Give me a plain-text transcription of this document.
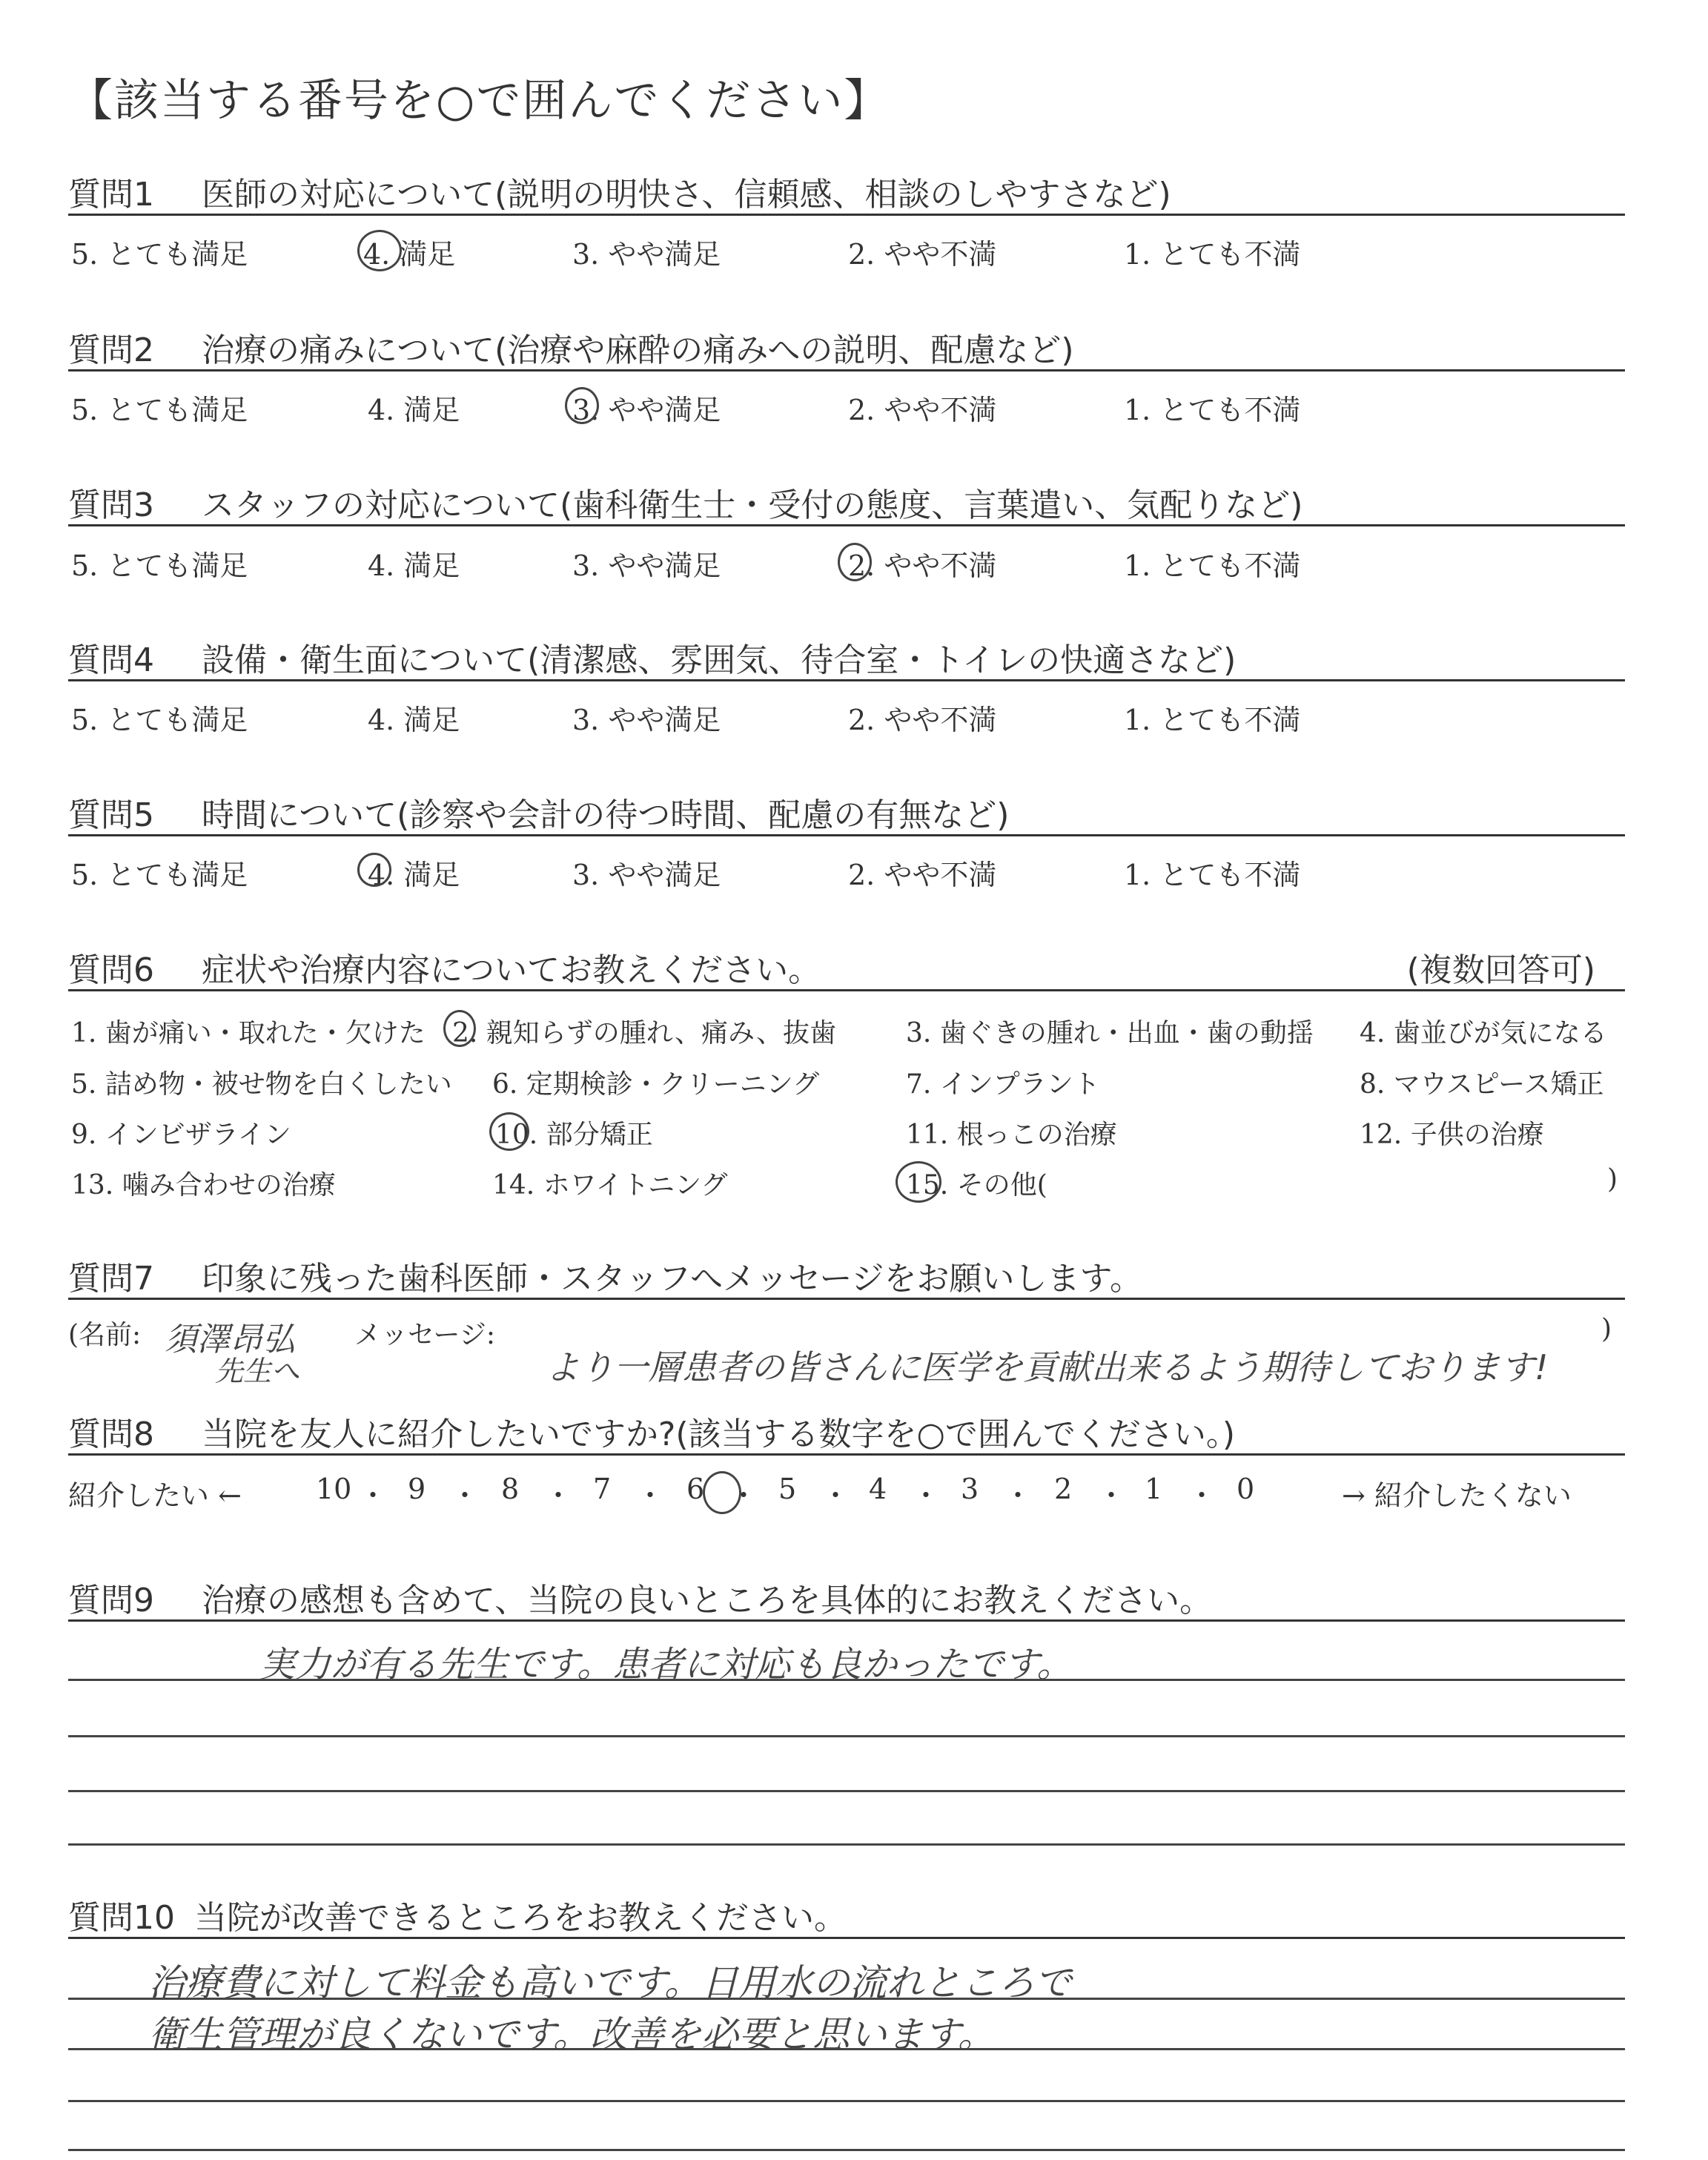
【該当する番号を○で囲んでください】
質問1 医師の対応について(説明の明快さ、信頼感、相談のしやすさなど)
5. とても満足	4. 満足	3. やや満足	2. やや不満	1. とても不満
質問2 治療の痛みについて(治療や麻酔の痛みへの説明、配慮など)
5. とても満足	4. 満足	3. やや満足	2. やや不満	1. とても不満
質問3 スタッフの対応について(歯科衛生士・受付の態度、言葉遣い、気配りなど)
5. とても満足	4. 満足	3. やや満足	2. やや不満	1. とても不満
質問4 設備・衛生面について(清潔感、雰囲気、待合室・トイレの快適さなど)
5. とても満足	4. 満足	3. やや満足	2. やや不満	1. とても不満
質問5 時間について(診察や会計の待つ時間、配慮の有無など)
5. とても満足	4. 満足	3. やや満足	2. やや不満	1. とても不満
質問6 症状や治療内容についてお教えください。	(複数回答可)
1. 歯が痛い・取れた・欠けた 2. 親知らずの腫れ、痛み、抜歯	3. 歯ぐきの腫れ・出血・歯の動揺 4. 歯並びが気になる
5. 詰め物・被せ物を白くしたい 6. 定期検診・クリーニング	7. インプラント	8. マウスピース矯正
9. インビザライン	10. 部分矯正	11. 根っこの治療	12. 子供の治療
13. 噛み合わせの治療	14. ホワイトニング	15. その他(	)
質問7 印象に残った歯科医師・スタッフへメッセージをお願いします。
(名前: 須澤昂弘
先生へ
メッセージ:	)
より一層患者の皆さんに医学を貢献出来るよう期待しております!
質問8 当院を友人に紹介したいですか?(該当する数字を○で囲んでください。)
紹介したい ←	10 ・ 9 ・ 8 ・ 7 ・ 6 ・ 5 ・ 4 ・ 3 ・ 2 ・ 1 ・ 0	→ 紹介したくない
質問9 治療の感想も含めて、当院の良いところを具体的にお教えください。
実力が有る先生です。患者に対応も良かったです。
質問10 当院が改善できるところをお教えください。
治療費に対して料金も高いです。日用水の流れところで
衛生管理が良くないです。改善を必要と思います。
